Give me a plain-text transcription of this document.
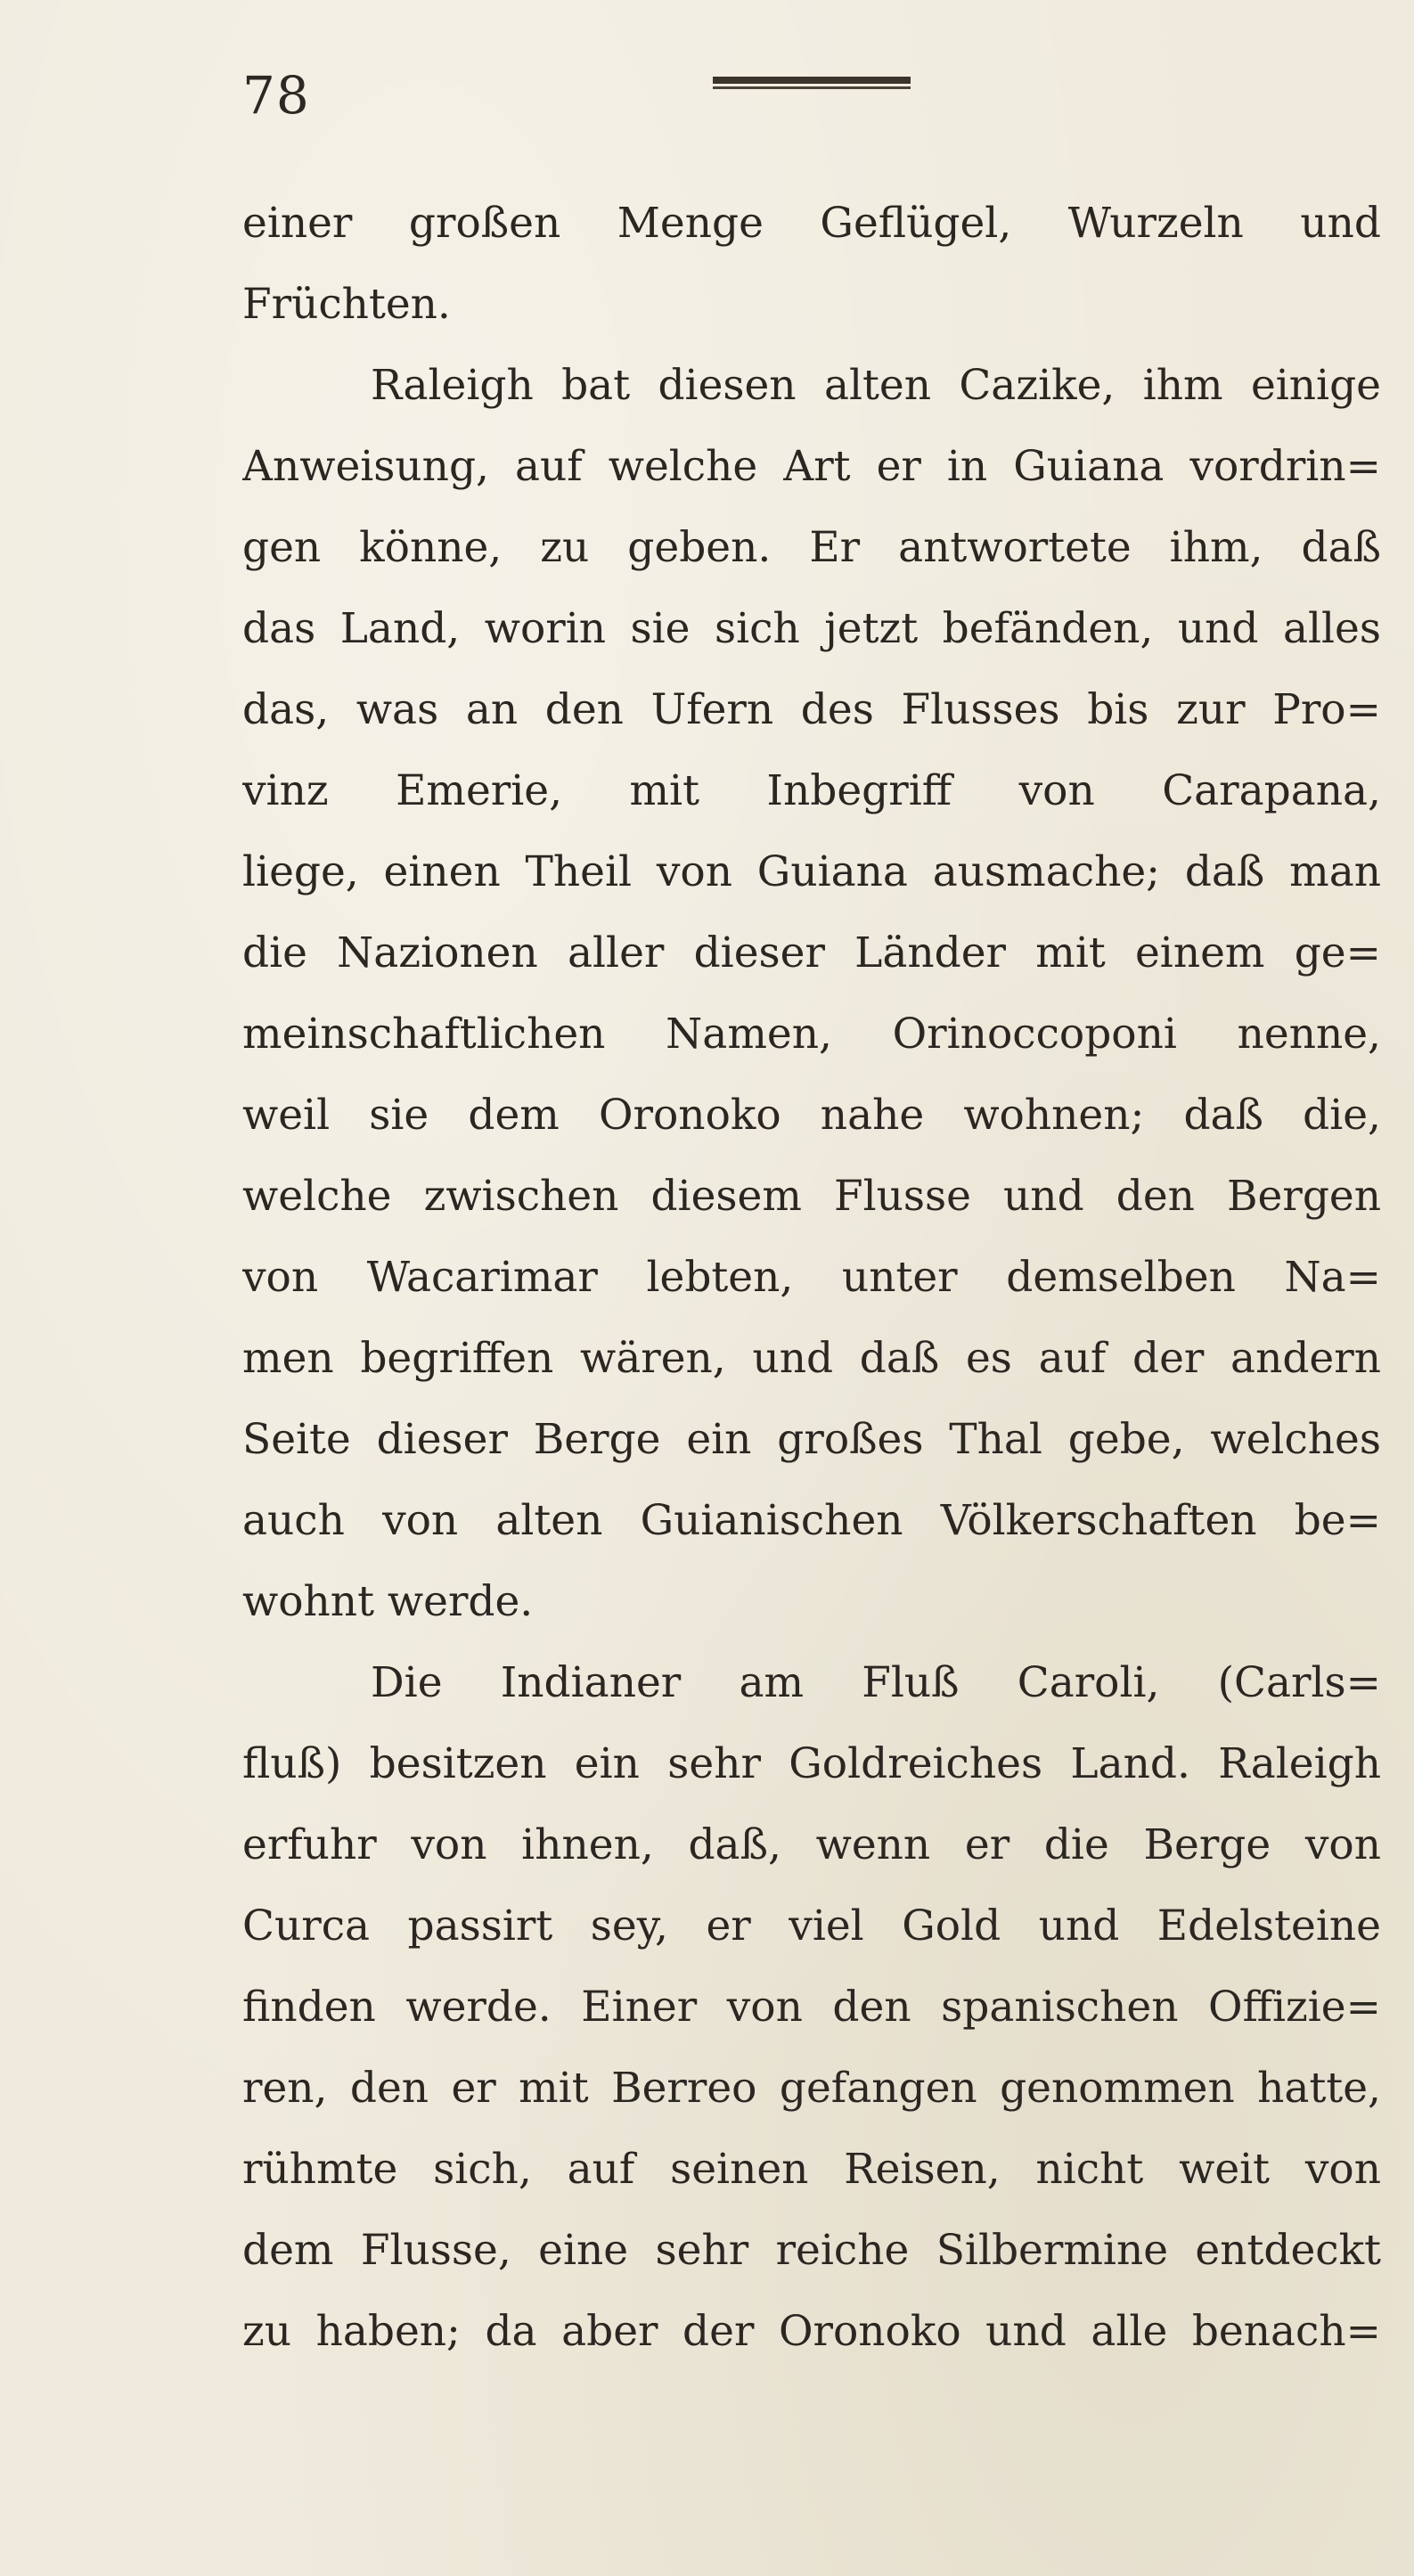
78
einer großen Menge Geflügel, Wurzeln und
Früchten.
Raleigh bat diesen alten Cazike, ihm einige
Anweisung, auf welche Art er in Guiana vordrin=
gen könne, zu geben. Er antwortete ihm, daß
das Land, worin sie sich jetzt befänden, und alles
das, was an den Ufern des Flusses bis zur Pro=
vinz Emerie, mit Inbegriff von Carapana,
liege, einen Theil von Guiana ausmache; daß man
die Nazionen aller dieser Länder mit einem ge=
meinschaftlichen Namen, Orinoccoponi nenne,
weil sie dem Oronoko nahe wohnen; daß die,
welche zwischen diesem Flusse und den Bergen
von Wacarimar lebten, unter demselben Na=
men begriffen wären, und daß es auf der andern
Seite dieser Berge ein großes Thal gebe, welches
auch von alten Guianischen Völkerschaften be=
wohnt werde.
Die Indianer am Fluß Caroli, (Carls=
fluß) besitzen ein sehr Goldreiches Land. Raleigh
erfuhr von ihnen, daß, wenn er die Berge von
Curca passirt sey, er viel Gold und Edelsteine
finden werde. Einer von den spanischen Offizie=
ren, den er mit Berreo gefangen genommen hatte,
rühmte sich, auf seinen Reisen, nicht weit von
dem Flusse, eine sehr reiche Silbermine entdeckt
zu haben; da aber der Oronoko und alle benach=
